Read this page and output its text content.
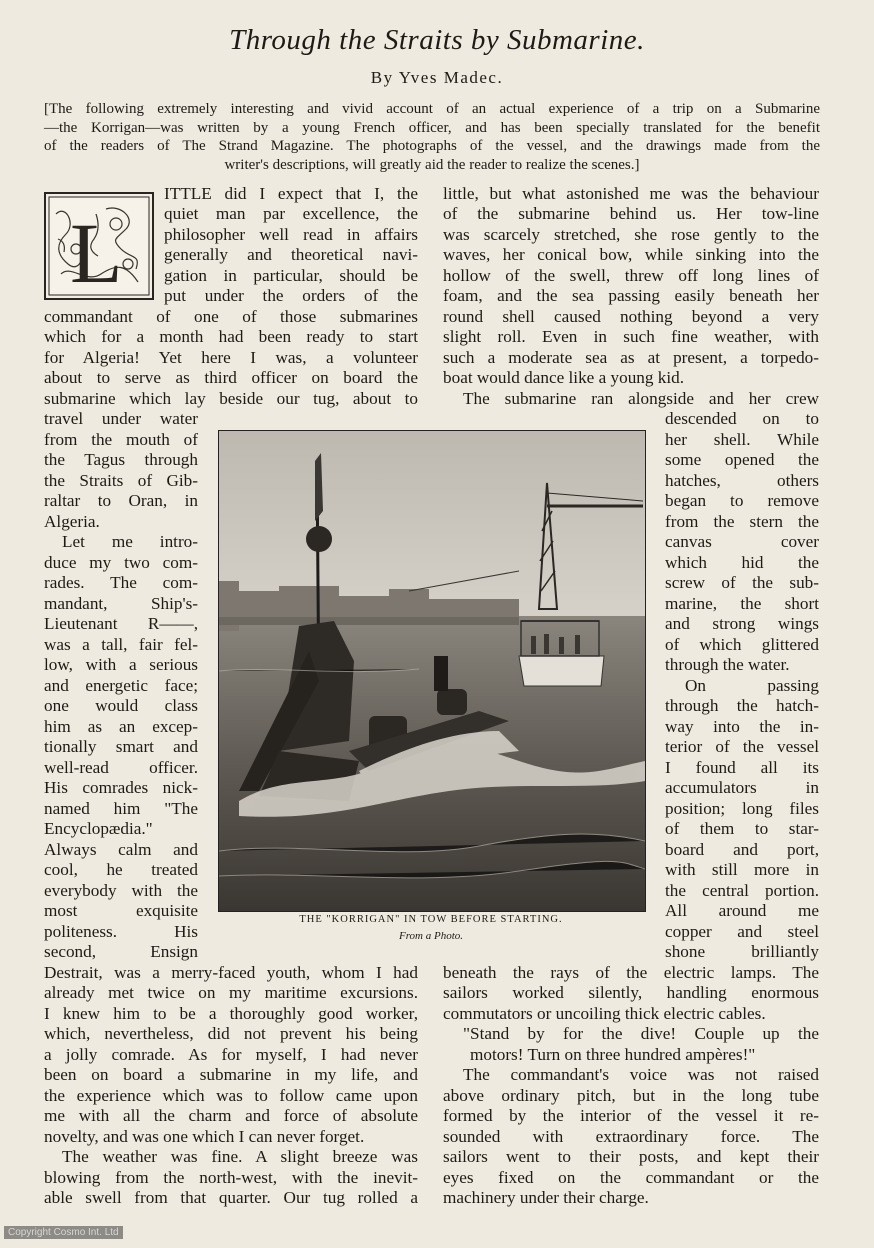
Through the Straits by Submarine.
By Yves Madec.
[The following extremely interesting and vivid account of an actual experience of a trip on a Submarine
—the Korrigan—was written by a young French officer, and has been specially translated for the benefit
of the readers of The Strand Magazine. The photographs of the vessel, and the drawings made from the
writer's descriptions, will greatly aid the reader to realize the scenes.]
L
ITTLE did I expect that I, the
quiet man par excellence, the
philosopher well read in affairs
generally and theoretical navi-
gation in particular, should be
put under the orders of the
commandant of one of those submarines
which for a month had been ready to start
for Algeria! Yet here I was, a volunteer
about to serve as third officer on board the
submarine which lay beside our tug, about to
travel under water
from the mouth of
the Tagus through
the Straits of Gib-
raltar to Oran, in
Algeria.
Let me intro-
duce my two com-
rades. The com-
mandant, Ship's-
Lieutenant R——,
was a tall, fair fel-
low, with a serious
and energetic face;
one would class
him as an excep-
tionally smart and
well-read officer.
His comrades nick-
named him "The
Encyclopædia."
Always calm and
cool, he treated
everybody with the
most exquisite
politeness. His
second, Ensign
Destrait, was a merry-faced youth, whom I had
already met twice on my maritime excursions.
I knew him to be a thoroughly good worker,
which, nevertheless, did not prevent his being
a jolly comrade. As for myself, I had never
been on board a submarine in my life, and
the experience which was to follow came upon
me with all the charm and force of absolute
novelty, and was one which I can never forget.
The weather was fine. A slight breeze was
blowing from the north-west, with the inevit-
able swell from that quarter. Our tug rolled a
little, but what astonished me was the behaviour
of the submarine behind us. Her tow-line
was scarcely stretched, she rose gently to the
waves, her conical bow, while sinking into the
hollow of the swell, threw off long lines of
foam, and the sea passing easily beneath her
round shell caused nothing beyond a very
slight roll. Even in such fine weather, with
such a moderate sea as at present, a torpedo-
boat would dance like a young kid.
The submarine ran alongside and her crew
descended on to
her shell. While
some opened the
hatches, others
began to remove
from the stern the
canvas cover
which hid the
screw of the sub-
marine, the short
and strong wings
of which glittered
through the water.
On passing
through the hatch-
way into the in-
terior of the vessel
I found all its
accumulators in
position; long files
of them to star-
board and port,
with still more in
the central portion.
All around me
copper and steel
shone brilliantly
beneath the rays of the electric lamps. The
sailors worked silently, handling enormous
commutators or uncoiling thick electric cables.
"Stand by for the dive! Couple up the
motors! Turn on three hundred ampères!"
The commandant's voice was not raised
above ordinary pitch, but in the long tube
formed by the interior of the vessel it re-
sounded with extraordinary force. The
sailors went to their posts, and kept their
eyes fixed on the commandant or the
machinery under their charge.
THE "KORRIGAN" IN TOW BEFORE STARTING.
From a Photo.
Copyright Cosmo Int. Ltd
